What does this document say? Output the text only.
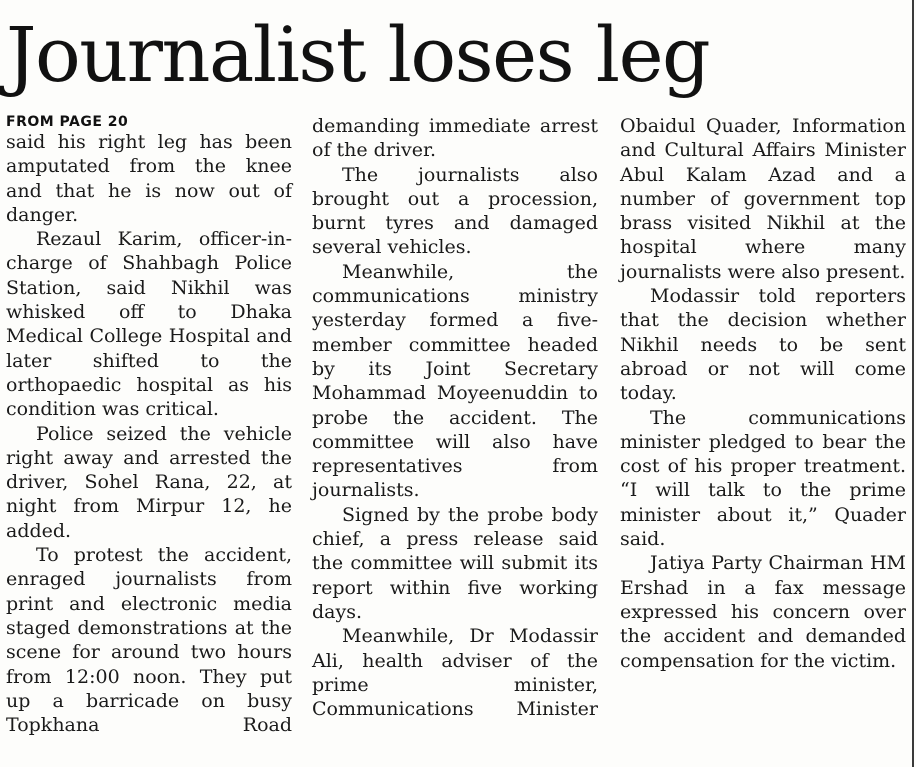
Journalist loses leg
FROM PAGE 20

said his right leg has been amputated from the knee and that he is now out of danger.

Rezaul Karim, officer-in-charge of Shahbagh Police Station, said Nikhil was whisked off to Dhaka Medical College Hospital and later shifted to the orthopaedic hospital as his condition was critical.

Police seized the vehicle right away and arrested the driver, Sohel Rana, 22, at night from Mirpur 12, he added.

To protest the accident, enraged journalists from print and electronic media staged demonstrations at the scene for around two hours from 12:00 noon. They put up a barricade on busy Topkhana Road

demanding immediate arrest of the driver.

The journalists also brought out a procession, burnt tyres and damaged several vehicles.

Meanwhile, the communications ministry yesterday formed a five-member committee headed by its Joint Secretary Mohammad Moyeenuddin to probe the accident. The committee will also have representatives from journalists.

Signed by the probe body chief, a press release said the committee will submit its report within five working days.

Meanwhile, Dr Modassir Ali, health adviser of the prime minister, Communications Minister

Obaidul Quader, Information and Cultural Affairs Minister Abul Kalam Azad and a number of government top brass visited Nikhil at the hospital where many journalists were also present.

Modassir told reporters that the decision whether Nikhil needs to be sent abroad or not will come today.

The communications minister pledged to bear the cost of his proper treatment. “I will talk to the prime minister about it,” Quader said.

Jatiya Party Chairman HM Ershad in a fax message expressed his concern over the accident and demanded compensation for the victim.
